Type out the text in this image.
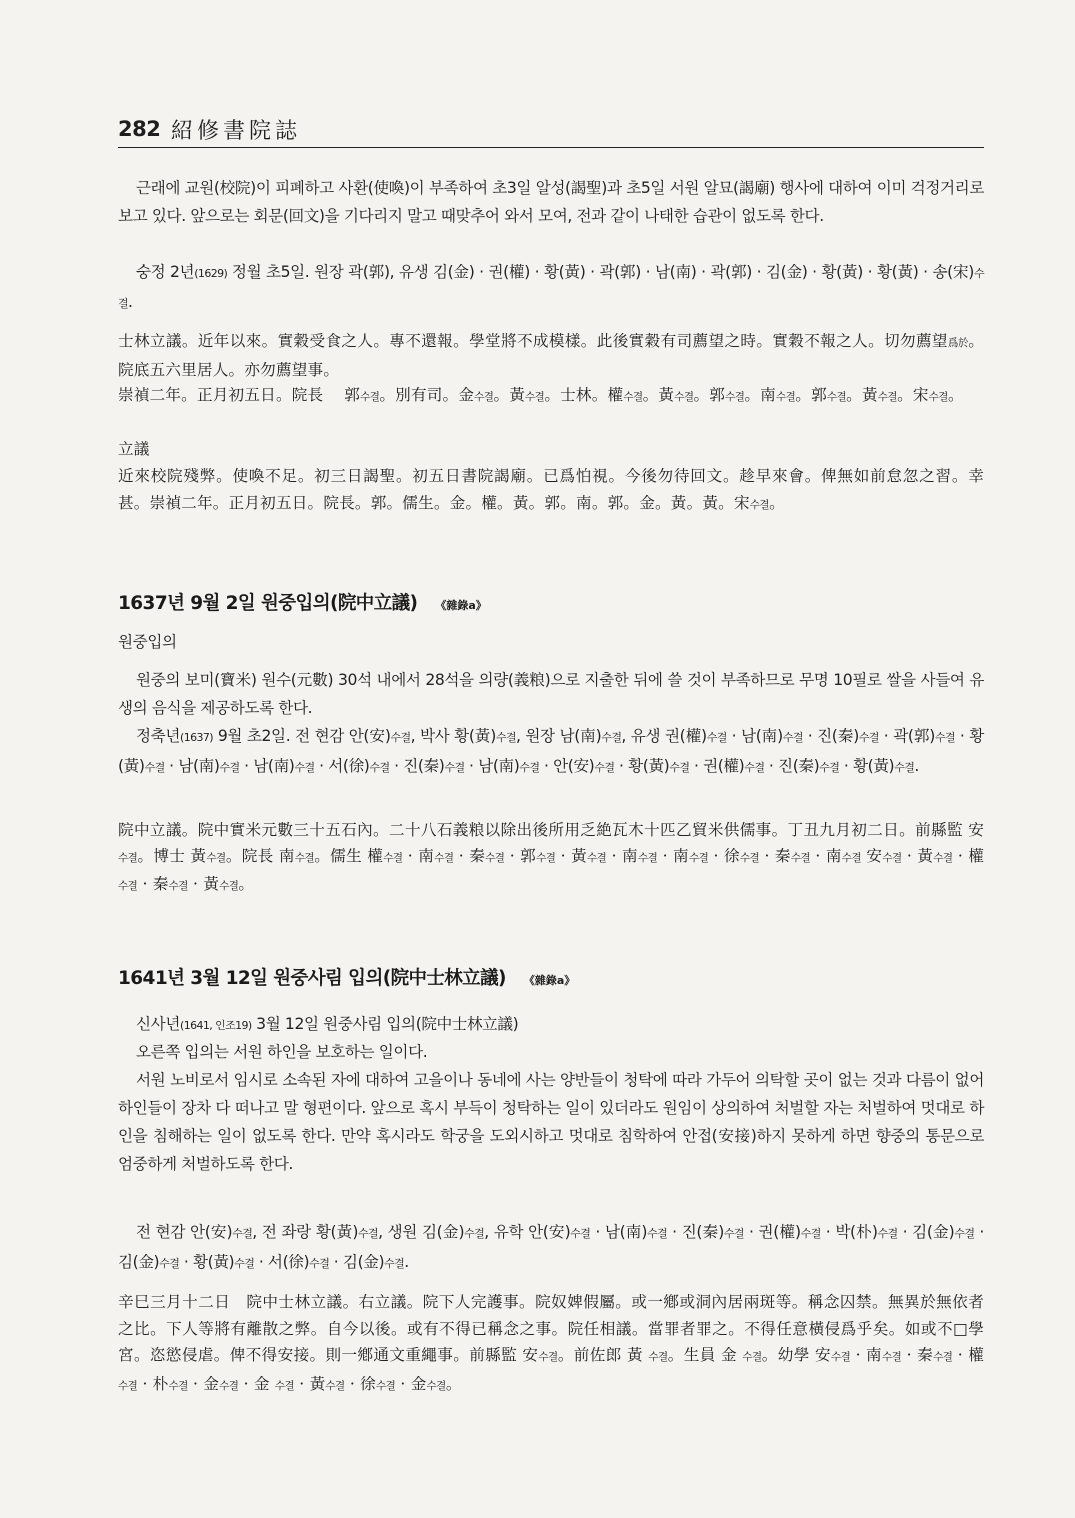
282 紹修書院誌

근래에 교원(校院)이 피폐하고 사환(使喚)이 부족하여 초3일 알성(謁聖)과 초5일 서원 알묘(謁廟) 행사에 대하여 이미 걱정거리로 보고 있다. 앞으로는 회문(回文)을 기다리지 말고 때맞추어 와서 모여, 전과 같이 나태한 습관이 없도록 한다.

숭정 2년(1629) 정월 초5일. 원장 곽(郭), 유생 김(金) · 권(權) · 황(黃) · 곽(郭) · 남(南) · 곽(郭) · 김(金) · 황(黃) · 황(黃) · 송(宋)수결.

士林立議。近年以來。實穀受食之人。專不還報。學堂將不成模樣。此後實穀有司薦望之時。實穀不報之人。切勿薦望爲於。院底五六里居人。亦勿薦望事。

崇禎二年。正月初五日。院長 　郭수결。別有司。金수결。黃수결。士林。權수결。黃수결。郭수결。南수결。郭수결。黃수결。宋수결。

立議

近來校院殘弊。使喚不足。初三日謁聖。初五日書院謁廟。已爲怕視。今後勿待回文。趁早來會。俾無如前怠忽之習。幸甚。崇禎二年。正月初五日。院長。郭。儒生。金。權。黃。郭。南。郭。金。黃。黃。宋수결。

1637년 9월 2일 원중입의(院中立議) 《雜錄a》

원중입의

원중의 보미(寶米) 원수(元數) 30석 내에서 28석을 의량(義粮)으로 지출한 뒤에 쓸 것이 부족하므로 무명 10필로 쌀을 사들여 유생의 음식을 제공하도록 한다.

정축년(1637) 9월 초2일. 전 현감 안(安)수결, 박사 황(黃)수결, 원장 남(南)수결, 유생 권(權)수결 · 남(南)수결 · 진(秦)수결 · 곽(郭)수결 · 황(黃)수결 · 남(南)수결 · 남(南)수결 · 서(徐)수결 · 진(秦)수결 · 남(南)수결 · 안(安)수결 · 황(黃)수결 · 권(權)수결 · 진(秦)수결 · 황(黃)수결.

院中立議。院中實米元數三十五石內。二十八石義粮以除出後所用乏絶瓦木十匹乙貿米供儒事。丁丑九月初二日。前縣監 安수결。博士 黃수결。院長 南수결。儒生 權수결 · 南수결 · 秦수결 · 郭수결 · 黃수결 · 南수결 · 南수결 · 徐수결 · 秦수결 · 南수결 安수결 · 黃수결 · 權수결 · 秦수결 · 黃수결。

1641년 3월 12일 원중사림 입의(院中士林立議) 《雜錄a》

신사년(1641, 인조19) 3월 12일 원중사림 입의(院中士林立議)

오른쪽 입의는 서원 하인을 보호하는 일이다.

서원 노비로서 임시로 소속된 자에 대하여 고을이나 동네에 사는 양반들이 청탁에 따라 가두어 의탁할 곳이 없는 것과 다름이 없어 하인들이 장차 다 떠나고 말 형편이다. 앞으로 혹시 부득이 청탁하는 일이 있더라도 원임이 상의하여 처벌할 자는 처벌하여 멋대로 하인을 침해하는 일이 없도록 한다. 만약 혹시라도 학궁을 도외시하고 멋대로 침학하여 안접(安接)하지 못하게 하면 향중의 통문으로 엄중하게 처벌하도록 한다.

전 현감 안(安)수결, 전 좌랑 황(黃)수결, 생원 김(金)수결, 유학 안(安)수결 · 남(南)수결 · 진(秦)수결 · 권(權)수결 · 박(朴)수결 · 김(金)수결 · 김(金)수결 · 황(黃)수결 · 서(徐)수결 · 김(金)수결.

辛巳三月十二日　院中士林立議。右立議。院下人完護事。院奴婢假屬。或一鄕或洞內居兩斑等。稱念囚禁。無異於無依者之比。下人等將有離散之弊。自今以後。或有不得已稱念之事。院任相議。當罪者罪之。不得任意橫侵爲乎矣。如或不□學宮。恣慾侵虐。俾不得安接。則一鄕通文重繩事。前縣監 安수결。前佐郎 黃 수결。生員 金 수결。幼學 安수결 · 南수결 · 秦수결 · 權수결 · 朴수결 · 金수결 · 金 수결 · 黃수결 · 徐수결 · 金수결。
